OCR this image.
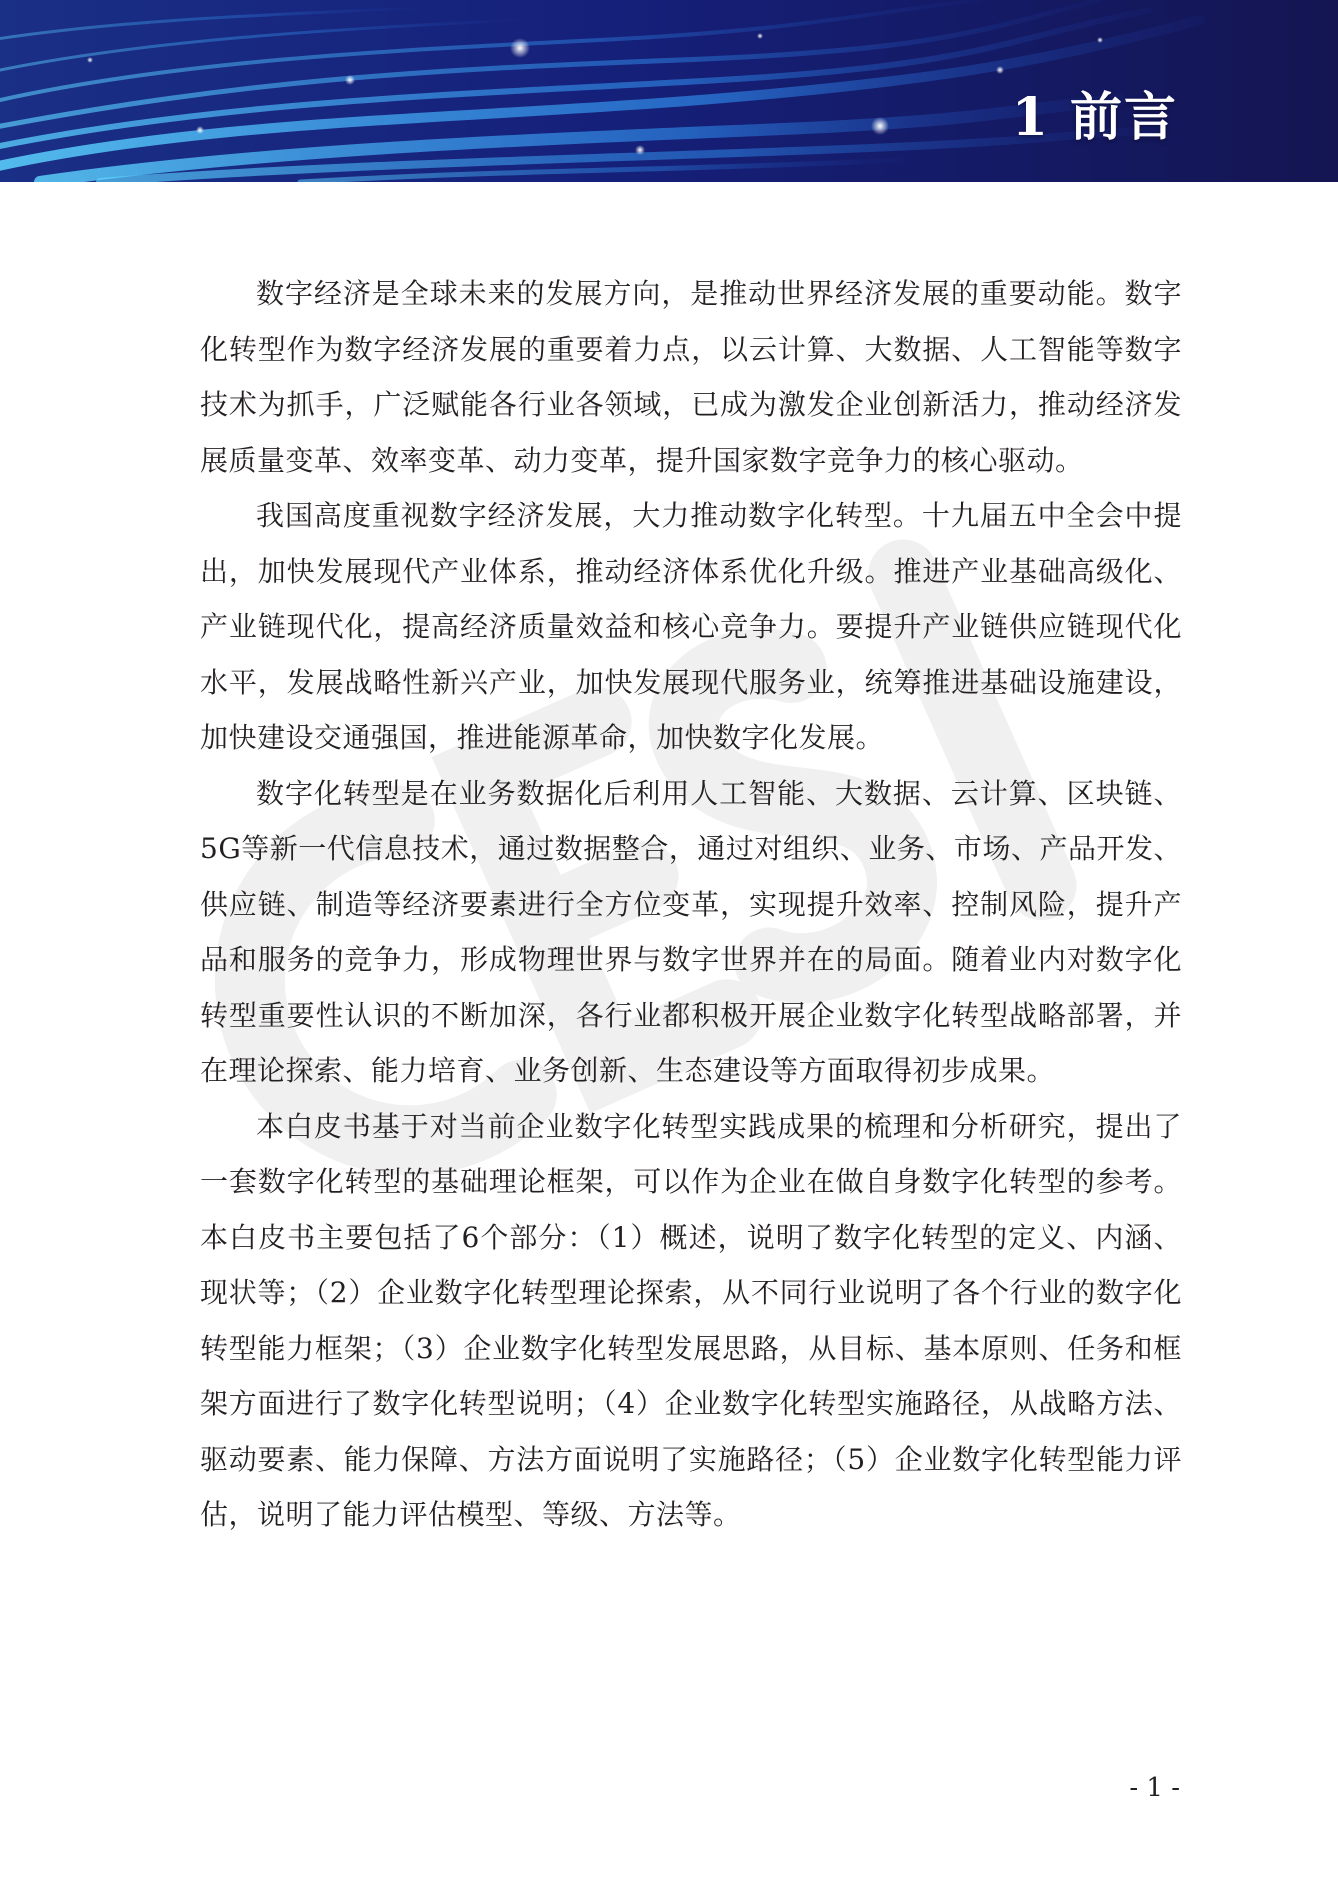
1 前言

数字经济是全球未来的发展方向，是推动世界经济发展的重要动能。数字化转型作为数字经济发展的重要着力点，以云计算、大数据、人工智能等数字技术为抓手，广泛赋能各行业各领域，已成为激发企业创新活力，推动经济发展质量变革、效率变革、动力变革，提升国家数字竞争力的核心驱动。

我国高度重视数字经济发展，大力推动数字化转型。十九届五中全会中提出，加快发展现代产业体系，推动经济体系优化升级。推进产业基础高级化、产业链现代化，提高经济质量效益和核心竞争力。要提升产业链供应链现代化水平，发展战略性新兴产业，加快发展现代服务业，统筹推进基础设施建设，加快建设交通强国，推进能源革命，加快数字化发展。

数字化转型是在业务数据化后利用人工智能、大数据、云计算、区块链、5G等新一代信息技术，通过数据整合，通过对组织、业务、市场、产品开发、供应链、制造等经济要素进行全方位变革，实现提升效率、控制风险，提升产品和服务的竞争力，形成物理世界与数字世界并在的局面。随着业内对数字化转型重要性认识的不断加深，各行业都积极开展企业数字化转型战略部署，并在理论探索、能力培育、业务创新、生态建设等方面取得初步成果。

本白皮书基于对当前企业数字化转型实践成果的梳理和分析研究，提出了一套数字化转型的基础理论框架，可以作为企业在做自身数字化转型的参考。本白皮书主要包括了6个部分：（1）概述，说明了数字化转型的定义、内涵、现状等；（2）企业数字化转型理论探索，从不同行业说明了各个行业的数字化转型能力框架；（3）企业数字化转型发展思路，从目标、基本原则、任务和框架方面进行了数字化转型说明；（4）企业数字化转型实施路径，从战略方法、驱动要素、能力保障、方法方面说明了实施路径；（5）企业数字化转型能力评估，说明了能力评估模型、等级、方法等。

- 1 -
